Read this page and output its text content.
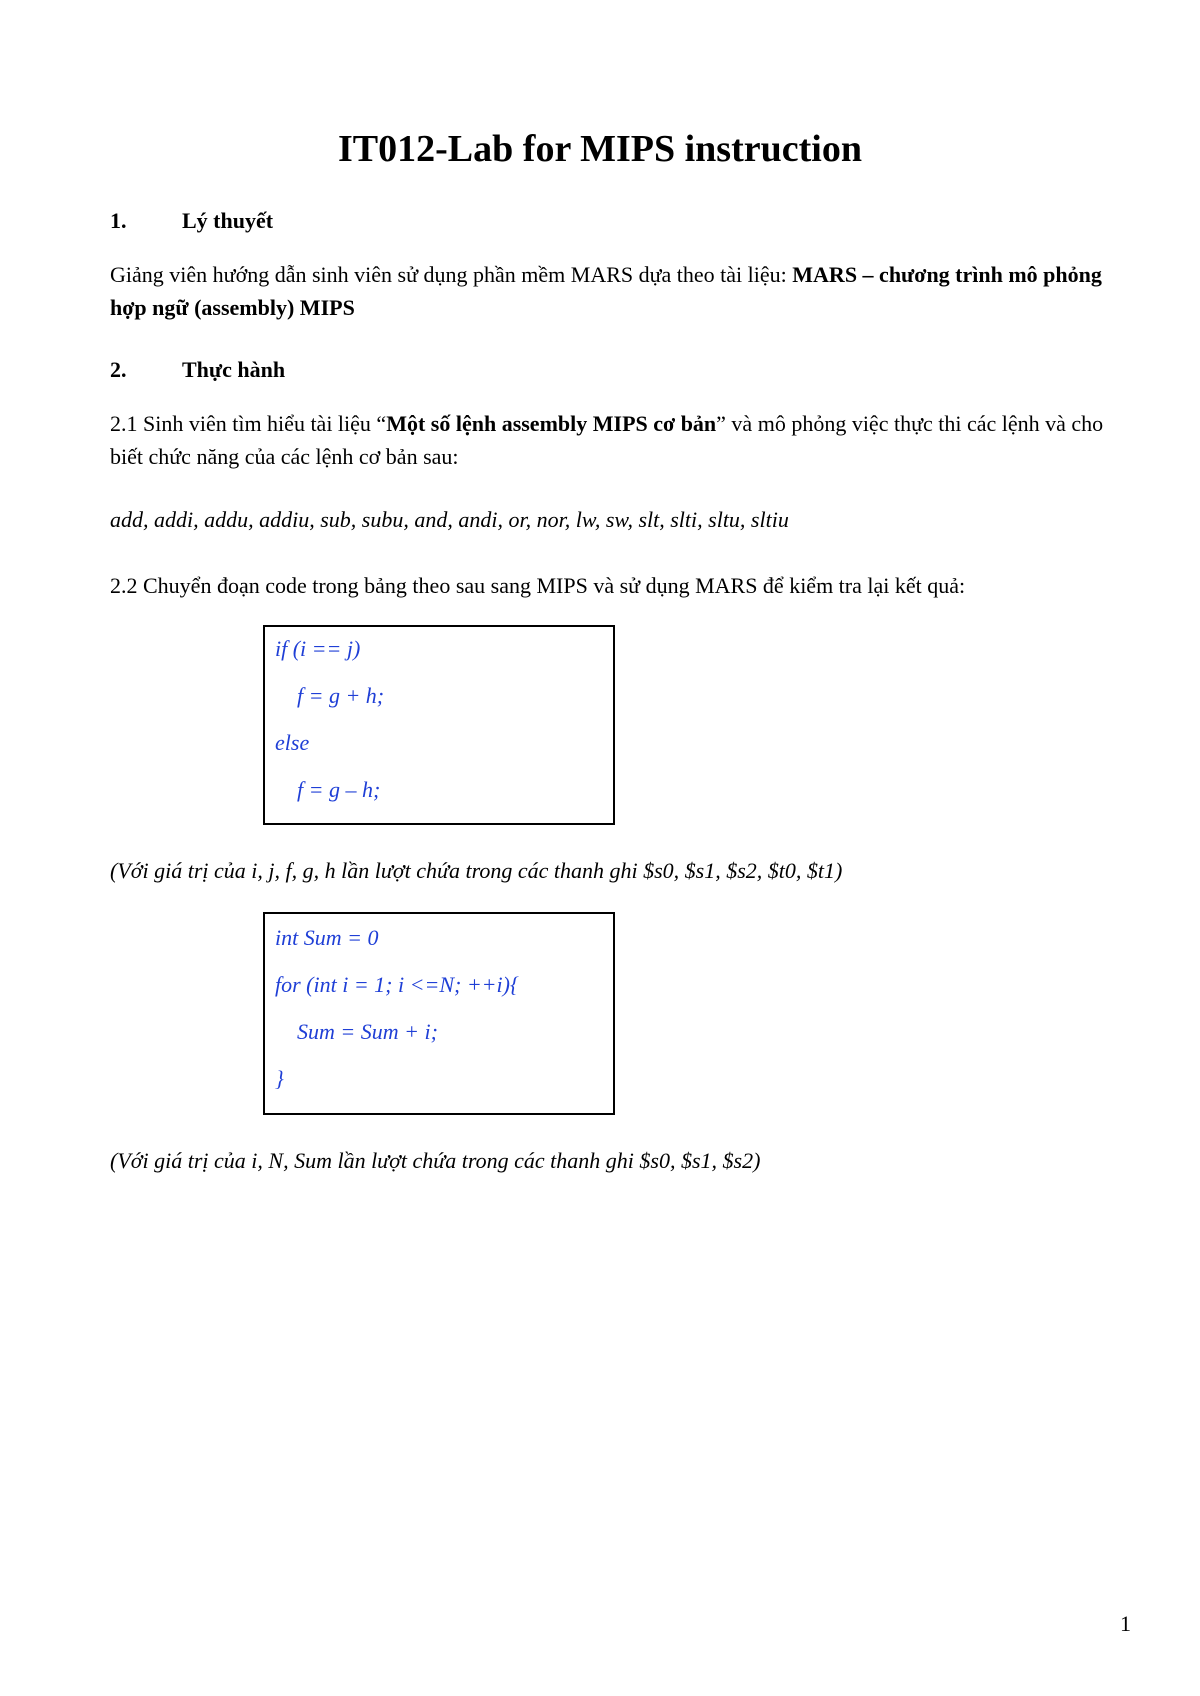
IT012-Lab for MIPS instruction
1.	Lý thuyết

Giảng viên hướng dẫn sinh viên sử dụng phần mềm MARS dựa theo tài liệu: MARS – chương trình mô phỏng hợp ngữ (assembly) MIPS

2.	Thực hành

2.1 Sinh viên tìm hiểu tài liệu “Một số lệnh assembly MIPS cơ bản” và mô phỏng việc thực thi các lệnh và cho biết chức năng của các lệnh cơ bản sau:

add, addi, addu, addiu, sub, subu, and, andi, or, nor, lw, sw, slt, slti, sltu, sltiu

2.2 Chuyển đoạn code trong bảng theo sau sang MIPS và sử dụng MARS để kiểm tra lại kết quả:

if (i == j)
f = g + h;
else
f = g – h;

(Với giá trị của i, j, f, g, h lần lượt chứa trong các thanh ghi $s0, $s1, $s2, $t0, $t1)

int Sum = 0
for (int i = 1; i <=N; ++i){
Sum = Sum + i;
}

(Với giá trị của i, N, Sum lần lượt chứa trong các thanh ghi $s0, $s1, $s2)

1
